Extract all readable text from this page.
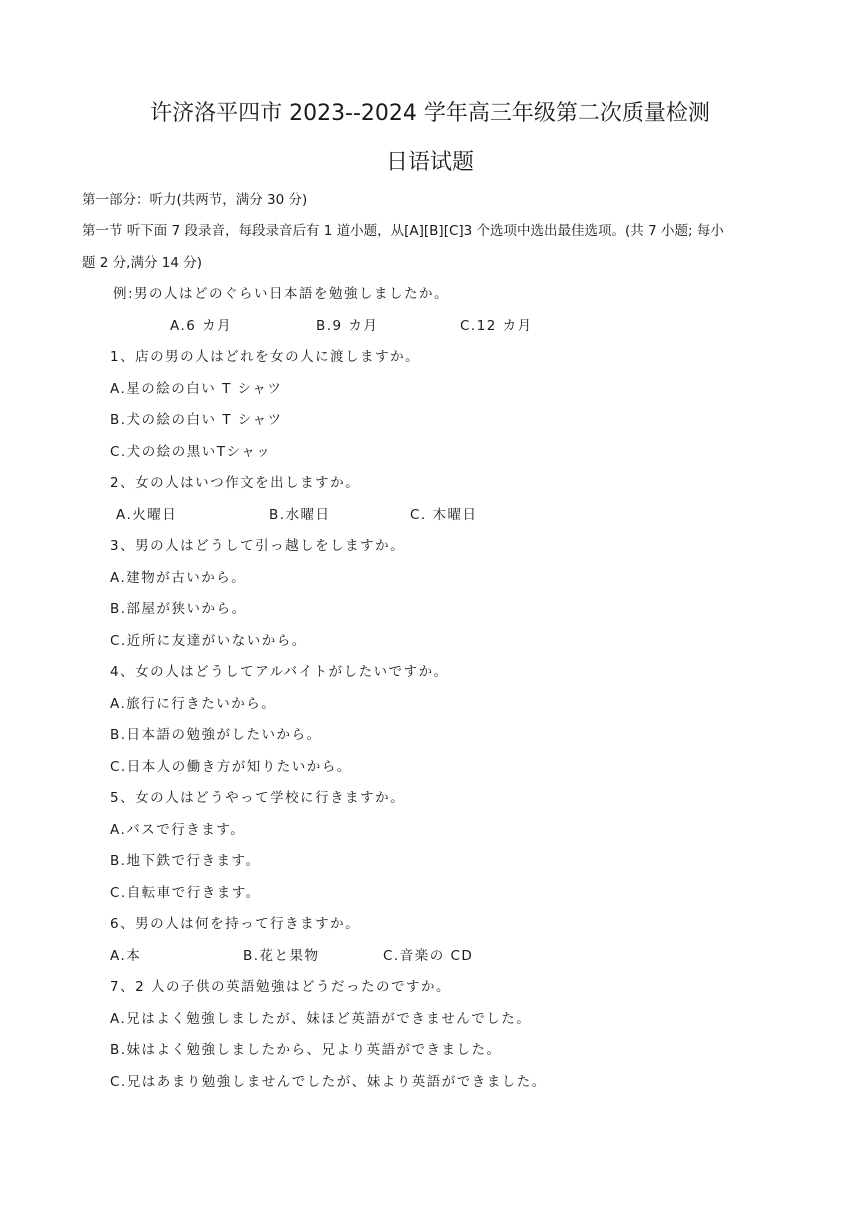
许济洛平四市 2023--2024 学年高三年级第二次质量检测
日语试题

第一部分：听力(共两节，满分 30 分)

第一节 听下面 7 段录音，每段录音后有 1 道小题，从[A][B][C]3 个选项中选出最佳选项。(共 7 小题; 每小

题 2 分,满分 14 分)

例:男の人はどのぐらい日本語を勉強しましたか。

A.6 カ月	B.9 カ月	C.12 カ月

1、店の男の人はどれを女の人に渡しますか。

A.星の絵の白い T シャツ

B.犬の絵の白い T シャツ

C.犬の絵の黒いTシャッ

2、女の人はいつ作文を出しますか。

A.火曜日	B.水曜日	C. 木曜日

3、男の人はどうして引っ越しをしますか。

A.建物が古いから。

B.部屋が狭いから。

C.近所に友達がいないから。

4、女の人はどうしてアルバイトがしたいですか。

A.旅行に行きたいから。

B.日本語の勉強がしたいから。

C.日本人の働き方が知りたいから。

5、女の人はどうやって学校に行きますか。

A.バスで行きます。

B.地下鉄で行きます。

C.自転車で行きます。

6、男の人は何を持って行きますか。

A.本	B.花と果物	C.音楽の CD

7、2 人の子供の英語勉強はどうだったのですか。

A.兄はよく勉強しましたが、妹ほど英語ができませんでした。

B.妹はよく勉強しましたから、兄より英語ができました。

C.兄はあまり勉強しませんでしたが、妹より英語ができました。
